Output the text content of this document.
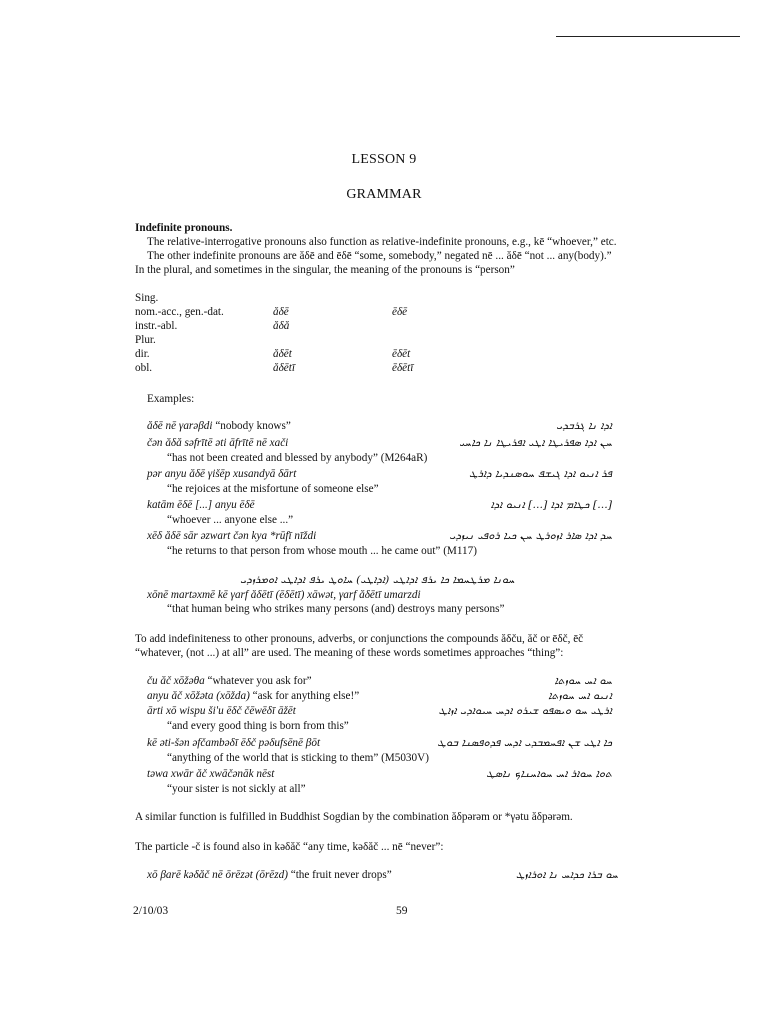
LESSON 9
GRAMMAR
Indefinite pronouns.
The relative-interrogative pronouns also function as relative-indefinite pronouns, e.g., kē “whoever,” etc.
The other indefinite pronouns are ăδē and ēδē “some, somebody,” negated nē ... ăδē “not ... any(body).”
In the plural, and sometimes in the singular, the meaning of the pronouns is “person”
Sing.
nom.-acc., gen.-dat.	ăδē	ēδē
instr.-abl.	ăδă
Plur.
dir.	ăδēt	ēδēt
obl.	ăδētī	ēδētī
Examples:
ăδē nē γarəβdi “nobody knows”	ܐܕܐ ܢܐ ܓܪܒܕܝ
čən ăδă səfrītē əti āfrītē nē xači	ܚܢ ܐܕܐ ܣܦܪܝܛܐ ܐܛܝ ܐܦܪܝܛܐ ܢܐ ܟܐܚܝ
“has not been created and blessed by anybody” (M264aR)
pər anyu ăδē γišēp xusandyā δārt	ܦܪ ܐܢܝܘ ܐܕܐ ܓܝܫܦ ܚܘܣܢܕܝܐ ܕܐܪܛ
“he rejoices at the misfortune of someone else”
katām ēδē [...] anyu ēδē	ܟܛܐܡ ܐܕܐ [...] ܐܢܝܘ ܐܕܐ [...]
“whoever ... anyone else ...”
xēδ ăδē sār əzwart čən kya *rūfī nīždi	ܚܕ ܐܕܐ ܣܐܪ ܐܙܘܪܛ ܚܢ ܟܝܐ ܪܘܦܝ ܢܝܙܕܝ
“he returns to that person from whose mouth ... he came out” (M117)
ܚܘܢܐ ܡܪܛܚܡܐ ܟܐ ܝܪܦ ܐܕܐܛܝ (ܐܕܐܛܝ) ܚܐܘܛ ܝܪܦ ܐܕܐܛܝ ܐܘܡܪܙܕܝ
xōnē martəxmē kē γarf ăδētī (ēδētī) xāwət, γarf ăδētī umarzdi
“that human being who strikes many persons (and) destroys many persons”
To add indefiniteness to other pronouns, adverbs, or conjunctions the compounds ăδču, ăč or ēδč, ēč
“whatever, (not ...) at all” are used. The meaning of these words sometimes approaches “thing”:
ču ăč xōžəθa “whatever you ask for”	ܚܘ ܐܚ ܚܘܙܬܐ
anyu ăč xōžəta (xōžda) “ask for anything else!”	ܐܢܝܘ ܐܚ ܚܘܙܬܐ
ārti xō wispu šiʹu ēδč čēwēδī āžēt	ܐܪܛܝ ܚܘ ܘܝܣܦܘ ܫܝܪܘ ܐܕܚ ܚܝܘܐܕܝ ܐܙܐܛ
“and every good thing is born from this”
kē əti-šən əfčambəδī ēδč pəδufsēnē βōt	ܟܐ ܐܛܝ ܫܢ ܐܦܚܡܒܕܝ ܐܕܚ ܦܕܘܦܣܢܐ ܒܘܛ
“anything of the world that is sticking to them” (M5030V)
təwa xwār ăč xwāčənāk nēst	ܬܘܐ ܚܘܐܪ ܐܚ ܚܘܐܚܢܐܟ ܢܐܣܛ
“your sister is not sickly at all”
A similar function is fulfilled in Buddhist Sogdian by the combination ăδpərəm or *γətu ăδpərəm.
The particle -č is found also in kəδăč “any time, kəδăč ... nē “never”:
xō βarē kəδăč nē ōrēzət (ōrēzd) “the fruit never drops”	ܚܘ ܒܪܐ ܟܕܐܚ ܢܐ ܐܘܪܐܙܛ
2/10/03	59
